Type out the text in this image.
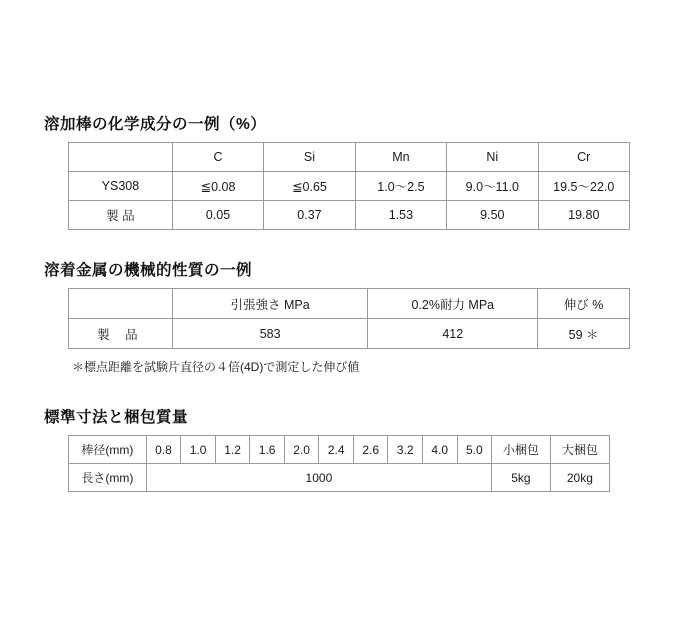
溶加棒の化学成分の一例（%）
	C	Si	Mn	Ni	Cr
YS308	≦0.08	≦0.65	1.0〜2.5	9.0〜11.0	19.5〜22.0
製 品	0.05	0.37	1.53	9.50	19.80
溶着金属の機械的性質の一例
	引張強さ MPa	0.2%耐力 MPa	伸び %
製 品	583	412	59 ＊
＊標点距離を試験片直径の４倍(4D)で測定した伸び値
標準寸法と梱包質量
棒径(mm)	0.8	1.0	1.2	1.6	2.0	2.4	2.6	3.2	4.0	5.0	小梱包	大梱包
長さ(mm)	1000										5kg	20kg
